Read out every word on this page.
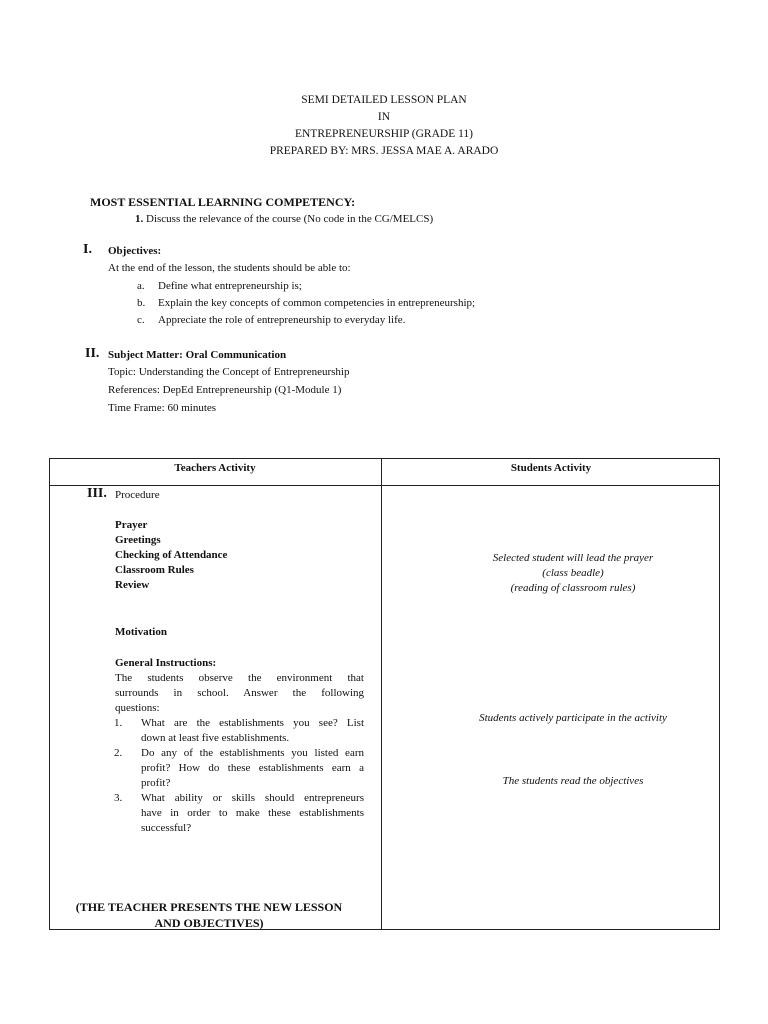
SEMI DETAILED LESSON PLAN
IN
ENTREPRENEURSHIP (GRADE 11)
PREPARED BY: MRS. JESSA MAE A. ARADO
MOST ESSENTIAL LEARNING COMPETENCY:
1. Discuss the relevance of the course (No code in the CG/MELCS)
I. Objectives:
At the end of the lesson, the students should be able to:
a. Define what entrepreneurship is;
b. Explain the key concepts of common competencies in entrepreneurship;
c. Appreciate the role of entrepreneurship to everyday life.
II. Subject Matter: Oral Communication
Topic: Understanding the Concept of Entrepreneurship
References: DepEd Entrepreneurship (Q1-Module 1)
Time Frame: 60 minutes
Teachers Activity	Students Activity
III. Procedure
Prayer
Greetings
Checking of Attendance
Classroom Rules
Review
Motivation
General Instructions:
The students observe the environment that
surrounds in school. Answer the following
questions:
1. What are the establishments you see? List
down at least five establishments.
2. Do any of the establishments you listed earn
profit? How do these establishments earn a
profit?
3. What ability or skills should entrepreneurs
have in order to make these establishments
successful?
(THE TEACHER PRESENTS THE NEW LESSON
AND OBJECTIVES)
Selected student will lead the prayer
(class beadle)
(reading of classroom rules)
Students actively participate in the activity
The students read the objectives
